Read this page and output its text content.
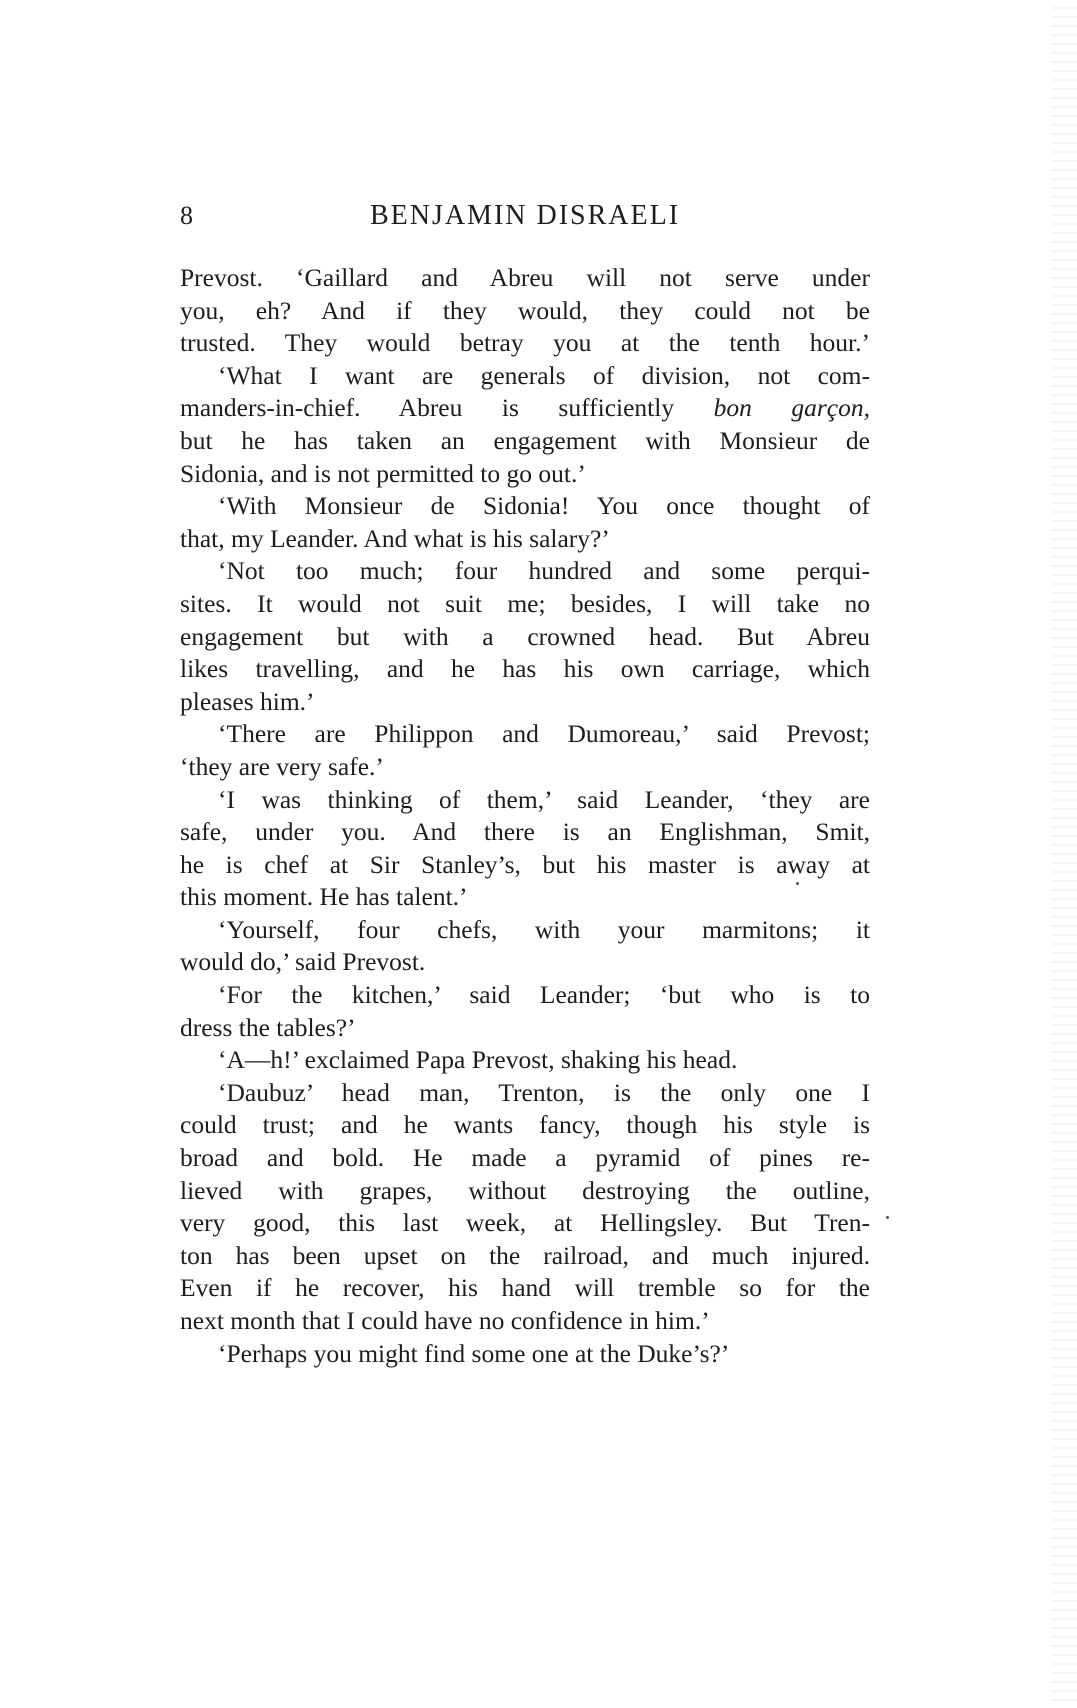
8	BENJAMIN DISRAELI
Prevost. ‘Gaillard and Abreu will not serve under
you, eh? And if they would, they could not be
trusted. They would betray you at the tenth hour.’
‘What I want are generals of division, not com-
manders-in-chief. Abreu is sufficiently bon garçon,
but he has taken an engagement with Monsieur de
Sidonia, and is not permitted to go out.’
‘With Monsieur de Sidonia! You once thought of
that, my Leander. And what is his salary?’
‘Not too much; four hundred and some perqui-
sites. It would not suit me; besides, I will take no
engagement but with a crowned head. But Abreu
likes travelling, and he has his own carriage, which
pleases him.’
‘There are Philippon and Dumoreau,’ said Prevost;
‘they are very safe.’
‘I was thinking of them,’ said Leander, ‘they are
safe, under you. And there is an Englishman, Smit,
he is chef at Sir Stanley’s, but his master is away at
this moment. He has talent.’
‘Yourself, four chefs, with your marmitons; it
would do,’ said Prevost.
‘For the kitchen,’ said Leander; ‘but who is to
dress the tables?’
‘A—h!’ exclaimed Papa Prevost, shaking his head.
‘Daubuz’ head man, Trenton, is the only one I
could trust; and he wants fancy, though his style is
broad and bold. He made a pyramid of pines re-
lieved with grapes, without destroying the outline,
very good, this last week, at Hellingsley. But Tren-
ton has been upset on the railroad, and much injured.
Even if he recover, his hand will tremble so for the
next month that I could have no confidence in him.’
‘Perhaps you might find some one at the Duke’s?’
